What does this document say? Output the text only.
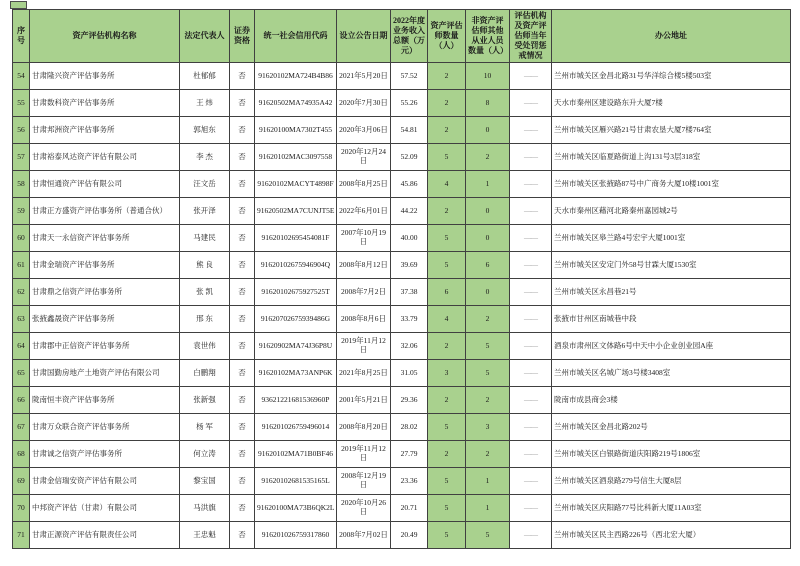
序号	资产评估机构名称	法定代表人	证券资格	统一社会信用代码	设立公告日期	2022年度业务收入总额（万元）	资产评估师数量（人）	非资产评估师其他从业人员数量（人）	评估机构及资产评估师当年受处罚惩戒情况	办公地址
54	甘肃隆兴资产评估事务所	杜郁郁	否	91620102MA724B4B86	2021年5月20日	57.52	2	10	——	兰州市城关区金昌北路31号华洋综合楼5楼503室
55	甘肃数科资产评估事务所	王 炜	否	91620502MA74935A42	2020年7月30日	55.26	2	8	——	天水市秦州区建设路东升大厦7楼
56	甘肃邦洲资产评估事务所	郭旭东	否	91620100MA7302T455	2020年3月06日	54.81	2	0	——	兰州市城关区雁兴路21号甘肃农垦大厦7楼764室
57	甘肃裕泰风达资产评估有限公司	李 杰	否	91620102MAC3097558	2020年12月24日	52.09	5	2	——	兰州市城关区临夏路街道上沟131号3层318室
58	甘肃恒通资产评估有限公司	汪文岳	否	91620102MACYT4898F	2008年8月25日	45.86	4	1	——	兰州市城关区张掖路87号中广商务大厦10楼1001室
59	甘肃正方盛资产评估事务所（普通合伙）	张开泽	否	91620502MA7CUNJT5E	2022年6月01日	44.22	2	0	——	天水市秦州区藉河北路秦州嘉园城2号
60	甘肃天一永信资产评估事务所	马建民	否	91620102695454081F	2007年10月19日	40.00	5	0	——	兰州市城关区皋兰路4号宏宇大厦1001室
61	甘肃金瑞资产评估事务所	熊 良	否	91620102675946904Q	2008年8月12日	39.69	5	6	——	兰州市城关区安定门外58号甘霖大厦1530室
62	甘肃鼎之信资产评估事务所	张 凯	否	91620102675927525T	2008年7月2日	37.38	6	0	——	兰州市城关区永昌巷21号
63	张掖鑫晟资产评估事务所	邢 东	否	91620702675939486G	2008年8月6日	33.79	4	2	——	张掖市甘州区南城巷中段
64	甘肃郡中正信资产评估事务所	袁世伟	否	91620902MA74J36P8U	2019年11月12日	32.06	2	5	——	酒泉市肃州区文体路6号中天中小企业创业园A座
65	甘肃国勤房地产土地资产评估有限公司	白鹏翔	否	91620102MA73ANP6K	2021年8月25日	31.05	3	5	——	兰州市城关区名城广场3号楼3408室
66	陇南恒丰资产评估事务所	张新强	否	93621221681536960P	2001年5月21日	29.36	2	2	——	陇南市成县商会3楼
67	甘肃万众联合资产评估事务所	杨 军	否	916201026759496014	2008年8月20日	28.02	5	3	——	兰州市城关区金昌北路202号
68	甘肃诚之信资产评估事务所	何立涛	否	91620102MA71B0BF46	2019年11月12日	27.79	2	2	——	兰州市城关区白银路街道庆阳路219号1806室
69	甘肃金信瑞安资产评估有限公司	黎宝国	否	91620102681535165L	2008年12月19日	23.36	5	1	——	兰州市城关区酒泉路279号信生大厦8层
70	中邦资产评估（甘肃）有限公司	马洪旗	否	91620100MA73B6QK2L	2020年10月26日	20.71	5	1	——	兰州市城关区庆阳路77号比科新大厦11A03室
71	甘肃正源资产评估有限责任公司	王忠魁	否	916201026759317860	2008年7月02日	20.49	5	5	——	兰州市城关区民主西路226号（西北宏大厦）
